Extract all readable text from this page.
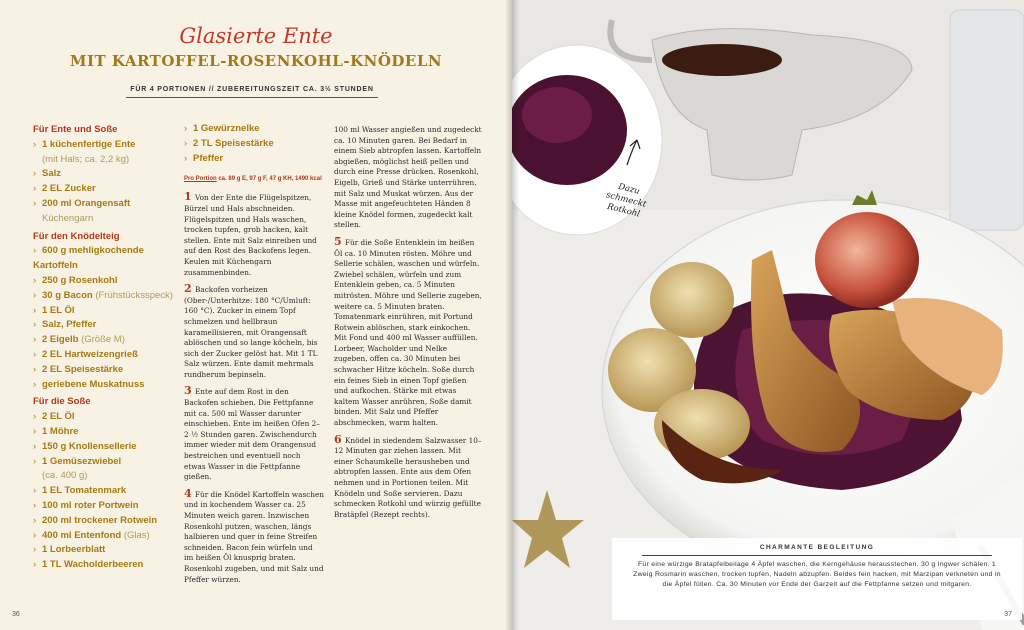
Glasierte Ente
MIT KARTOFFEL-ROSENKOHL-KNÖDELN
FÜR 4 PORTIONEN // ZUBEREITUNGSZEIT CA. 3½ STUNDEN
Für Ente und Soße
› 1 küchenfertige Ente
(mit Hals; ca. 2,2 kg)
› Salz
› 2 EL Zucker
› 200 ml Orangensaft
Küchengarn
Für den Knödelteig
› 600 g mehligkochende Kartoffeln
› 250 g Rosenkohl
› 30 g Bacon (Frühstücksspeck)
› 1 EL Öl
› Salz, Pfeffer
› 2 Eigelb (Größe M)
› 2 EL Hartweizengrieß
› 2 EL Speisestärke
› geriebene Muskatnuss
Für die Soße
› 2 EL Öl
› 1 Möhre
› 150 g Knollensellerie
› 1 Gemüsezwiebel
(ca. 400 g)
› 1 EL Tomatenmark
› 100 ml roter Portwein
› 200 ml trockener Rotwein
› 400 ml Entenfond (Glas)
› 1 Lorbeerblatt
› 1 TL Wacholderbeeren
› 1 Gewürznelke
› 2 TL Speisestärke
› Pfeffer
Pro Portion ca. 89 g E, 97 g F, 47 g KH, 1490 kcal

1 Von der Ente die Flügelspitzen, Bürzel und Hals abschneiden. Flügelspitzen und Hals waschen, trocken tupfen, grob hacken, kalt stellen. Ente mit Salz einreiben und auf den Rost des Backofens legen. Keulen mit Küchengarn zusammenbinden.

2 Backofen vorheizen (Ober-/Unterhitze: 180 °C/Umluft: 160 °C). Zucker in einem Topf schmelzen und hellbraun karamellisieren, mit Orangensaft ablöschen und so lange köcheln, bis sich der Zucker gelöst hat. Mit 1 TL Salz würzen. Ente damit mehrmals rundherum bepinseln.

3 Ente auf dem Rost in den Backofen schieben. Die Fettpfanne mit ca. 500 ml Wasser darunter einschieben. Ente im heißen Ofen 2–2 ½ Stunden garen. Zwischendurch immer wieder mit dem Orangensud bestreichen und eventuell noch etwas Wasser in die Fettpfanne gießen.

4 Für die Knödel Kartoffeln waschen und in kochendem Wasser ca. 25 Minuten weich garen. Inzwischen Rosenkohl putzen, waschen, längs halbieren und quer in feine Streifen schneiden. Bacon fein würfeln und im heißen Öl knusprig braten. Rosenkohl zugeben, und mit Salz und Pfeffer würzen.

100 ml Wasser angießen und zugedeckt ca. 10 Minuten garen. Bei Bedarf in einem Sieb abtropfen lassen. Kartoffeln abgießen, möglichst heiß pellen und durch eine Presse drücken. Rosenkohl, Eigelb, Grieß und Stärke unterrühren, mit Salz und Muskat würzen. Aus der Masse mit angefeuchteten Händen 8 kleine Knödel formen, zugedeckt kalt stellen.

5 Für die Soße Entenklein im heißen Öl ca. 10 Minuten rösten. Möhre und Sellerie schälen, waschen und würfeln. Zwiebel schälen, würfeln und zum Entenklein geben, ca. 5 Minuten mitrösten. Möhre und Sellerie zugeben, weitere ca. 5 Minuten braten. Tomatenmark einrühren, mit Portund Rotwein ablöschen, stark einkochen. Mit Fond und 400 ml Wasser auffüllen. Lorbeer, Wacholder und Nelke zugeben, offen ca. 30 Minuten bei schwacher Hitze köcheln. Soße durch ein feines Sieb in einen Topf gießen und aufkochen. Stärke mit etwas kaltem Wasser anrühren, Soße damit binden. Mit Salz und Pfeffer abschmecken, warm halten.

6 Knödel in siedendem Salzwasser 10–12 Minuten gar ziehen lassen. Mit einer Schaumkelle herausheben und abtropfen lassen. Ente aus dem Ofen nehmen und in Portionen teilen. Mit Knödeln und Soße servieren. Dazu schmecken Rotkohl und würzig gefüllte Bratäpfel (Rezept rechts).

36
Dazu schmeckt Rotkohl
CHARMANTE BEGLEITUNG
Für eine würzige Bratapfelbeilage 4 Äpfel waschen, die Kerngehäuse herausstechen. 30 g Ingwer schälen. 1 Zweig Rosmarin waschen, trocken tupfen, Nadeln abzupfen. Beides fein hacken, mit Marzipan verkneten und in die Äpfel füllen. Ca. 30 Minuten vor Ende der Garzeit auf die Fettpfanne setzen und mitgaren.
37
